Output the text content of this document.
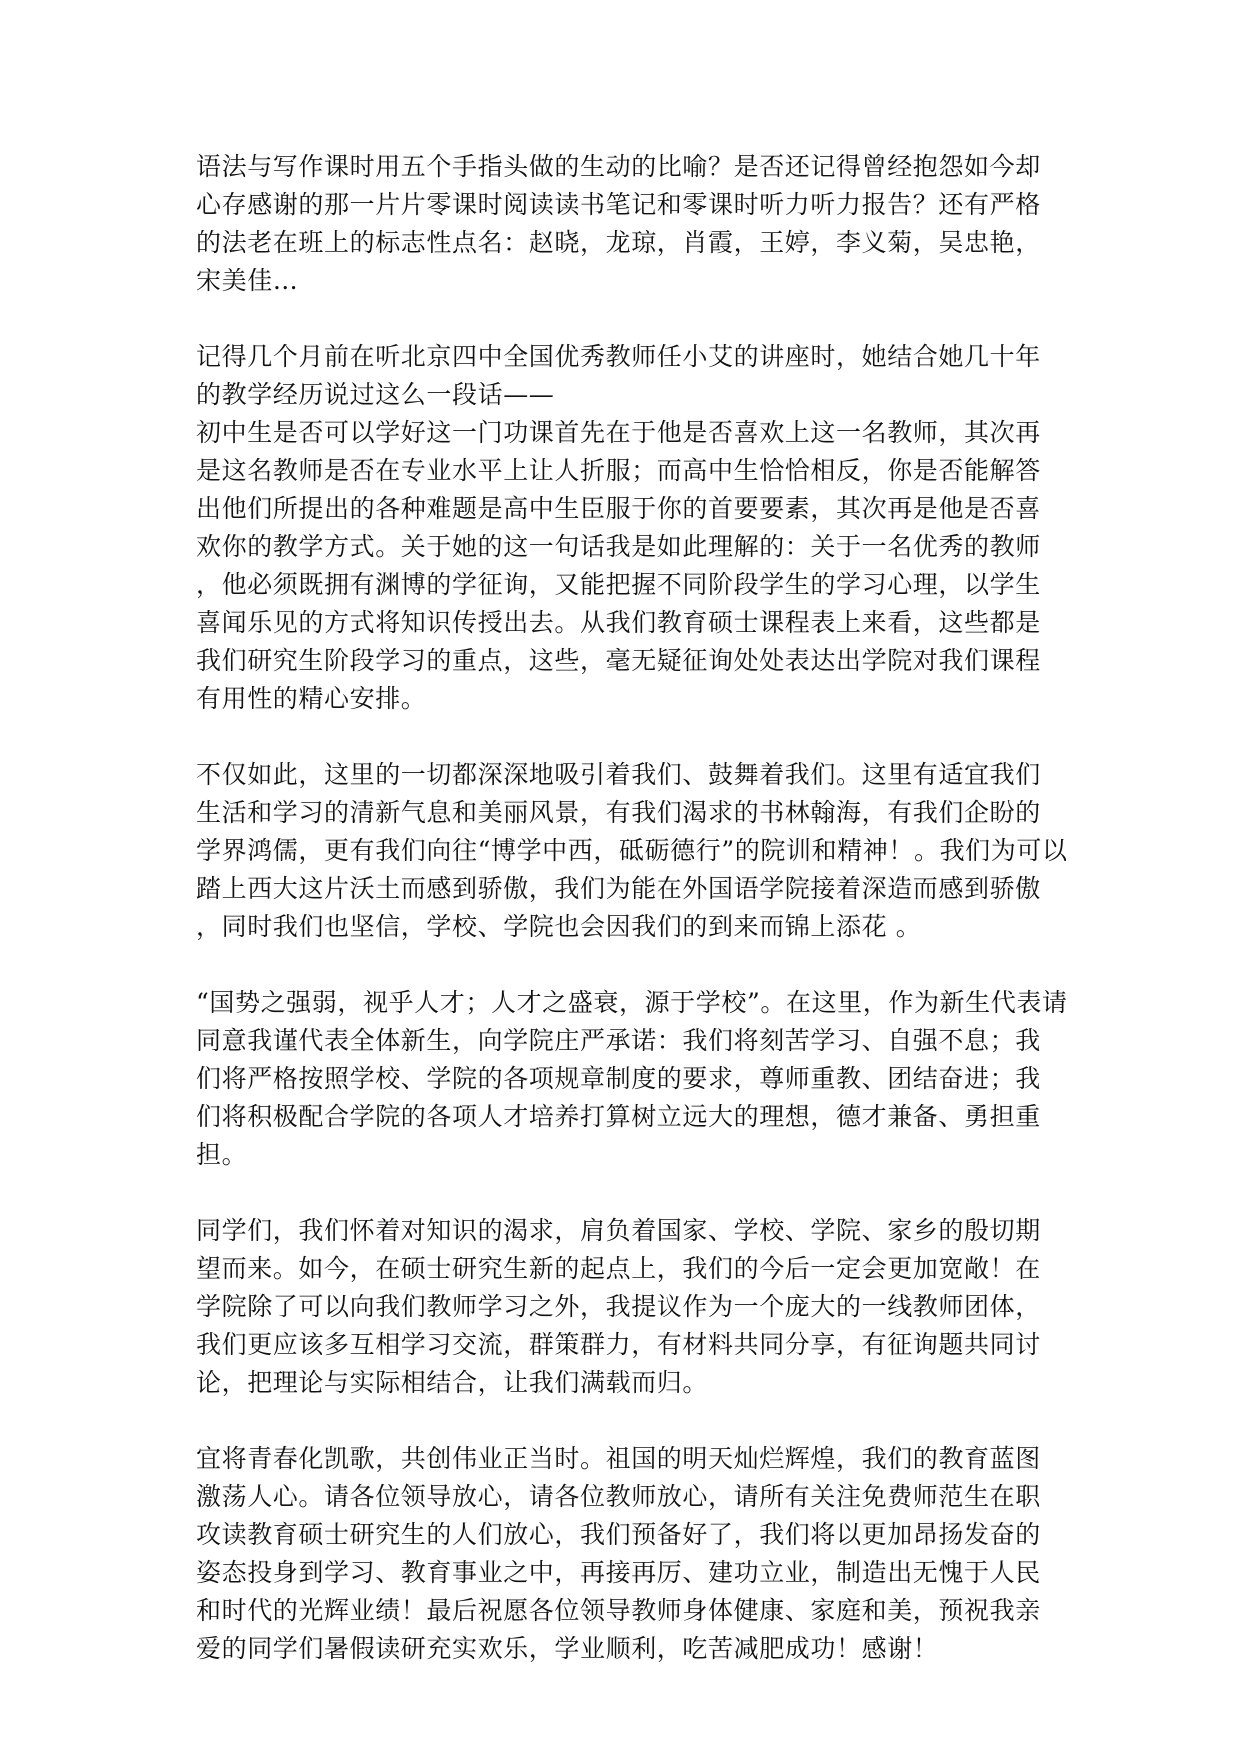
语法与写作课时用五个手指头做的生动的比喻？是否还记得曾经抱怨如今却
心存感谢的那一片片零课时阅读读书笔记和零课时听力听力报告？还有严格
的法老在班上的标志性点名：赵晓，龙琼，肖霞，王婷，李义菊，吴忠艳，
宋美佳…

记得几个月前在听北京四中全国优秀教师任小艾的讲座时，她结合她几十年
的教学经历说过这么一段话——
初中生是否可以学好这一门功课首先在于他是否喜欢上这一名教师，其次再
是这名教师是否在专业水平上让人折服；而高中生恰恰相反，你是否能解答
出他们所提出的各种难题是高中生臣服于你的首要要素，其次再是他是否喜
欢你的教学方式。关于她的这一句话我是如此理解的：关于一名优秀的教师
，他必须既拥有渊博的学征询，又能把握不同阶段学生的学习心理，以学生
喜闻乐见的方式将知识传授出去。从我们教育硕士课程表上来看，这些都是
我们研究生阶段学习的重点，这些，毫无疑征询处处表达出学院对我们课程
有用性的精心安排。

不仅如此，这里的一切都深深地吸引着我们、鼓舞着我们。这里有适宜我们
生活和学习的清新气息和美丽风景，有我们渴求的书林翰海，有我们企盼的
学界鸿儒，更有我们向往“博学中西，砥砺德行”的院训和精神！。我们为可以
踏上西大这片沃土而感到骄傲，我们为能在外国语学院接着深造而感到骄傲
，同时我们也坚信，学校、学院也会因我们的到来而锦上添花 。

“国势之强弱，视乎人才；人才之盛衰，源于学校”。在这里，作为新生代表请
同意我谨代表全体新生，向学院庄严承诺：我们将刻苦学习、自强不息；我
们将严格按照学校、学院的各项规章制度的要求，尊师重教、团结奋进；我
们将积极配合学院的各项人才培养打算树立远大的理想，德才兼备、勇担重
担。

同学们，我们怀着对知识的渴求，肩负着国家、学校、学院、家乡的殷切期
望而来。如今，在硕士研究生新的起点上，我们的今后一定会更加宽敞！在
学院除了可以向我们教师学习之外，我提议作为一个庞大的一线教师团体，
我们更应该多互相学习交流，群策群力，有材料共同分享，有征询题共同讨
论，把理论与实际相结合，让我们满载而归。

宜将青春化凯歌，共创伟业正当时。祖国的明天灿烂辉煌，我们的教育蓝图
激荡人心。请各位领导放心，请各位教师放心，请所有关注免费师范生在职
攻读教育硕士研究生的人们放心，我们预备好了，我们将以更加昂扬发奋的
姿态投身到学习、教育事业之中，再接再厉、建功立业，制造出无愧于人民
和时代的光辉业绩！最后祝愿各位领导教师身体健康、家庭和美，预祝我亲
爱的同学们暑假读研充实欢乐，学业顺利，吃苦减肥成功！感谢！
